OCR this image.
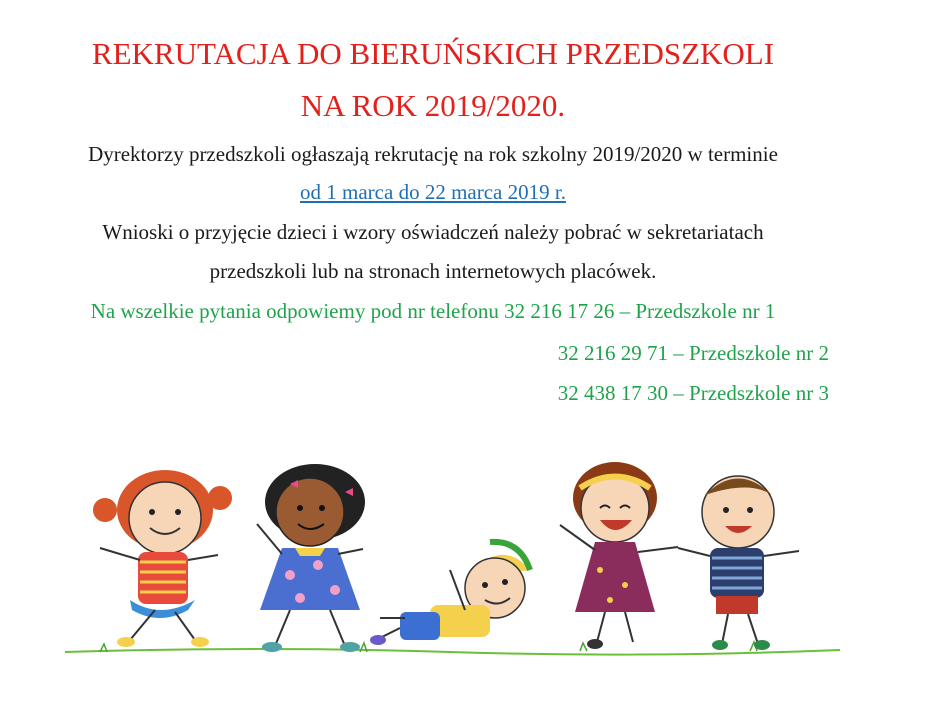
REKRUTACJA DO BIERUŃSKICH PRZEDSZKOLI
NA ROK 2019/2020.
Dyrektorzy przedszkoli ogłaszają rekrutację na rok szkolny 2019/2020 w terminie
od 1 marca do 22 marca 2019 r.
Wnioski o przyjęcie dzieci i wzory oświadczeń należy pobrać w sekretariatach
przedszkoli lub na stronach internetowych placówek.
Na wszelkie pytania odpowiemy pod nr telefonu 32 216 17 26 – Przedszkole nr 1
32 216 29 71 – Przedszkole nr 2
32 438 17 30 – Przedszkole nr 3
